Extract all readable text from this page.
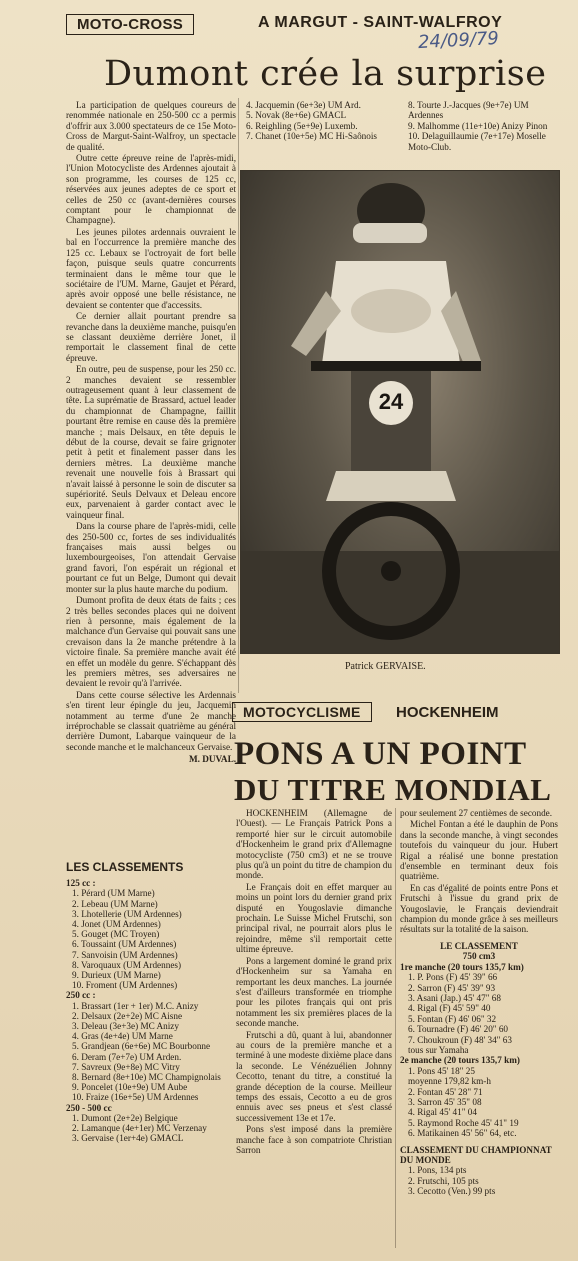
MOTO-CROSS	A MARGUT - SAINT-WALFROY
24/09/79
Dumont crée la surprise

La participation de quelques coureurs de renommée nationale en 250-500 cc a permis d'offrir aux 3.000 spectateurs de ce 15e Moto-Cross de Margut-Saint-Walfroy, un spectacle de qualité.

Outre cette épreuve reine de l'après-midi, l'Union Motocycliste des Ardennes ajoutait à son programme, les courses de 125 cc, réservées aux jeunes adeptes de ce sport et celles de 250 cc (avant-dernières courses comptant pour le championnat de Champagne).

Les jeunes pilotes ardennais ouvraient le bal en l'occurrence la première manche des 125 cc. Lebaux se l'octroyait de fort belle façon, puisque seuls quatre concurrents terminaient dans le même tour que le sociétaire de l'UM. Marne, Gaujet et Pérard, après avoir opposé une belle résistance, ne devaient se contenter que d'accessits.

Ce dernier allait pourtant prendre sa revanche dans la deuxième manche, puisqu'en se classant deuxième derrière Jonet, il remportait le classement final de cette épreuve.

En outre, peu de suspense, pour les 250 cc. 2 manches devaient se ressembler outrageusement quant à leur classement de tête. La suprématie de Brassard, actuel leader du championnat de Champagne, faillit pourtant être remise en cause dès la première manche ; mais Delsaux, en tête depuis le début de la course, devait se faire grignoter petit à petit et finalement passer dans les derniers mètres. La deuxième manche revenait une nouvelle fois à Brassart qui n'avait laissé à personne le soin de discuter sa supériorité. Seuls Delvaux et Deleau encore eux, parvenaient à garder contact avec le vainqueur final.

Dans la course phare de l'après-midi, celle des 250-500 cc, fortes de ses individualités françaises mais aussi belges ou luxembourgeoises, l'on attendait Gervaise grand favori, l'on espérait un régional et pourtant ce fut un Belge, Dumont qui devait monter sur la plus haute marche du podium.

Dumont profita de deux états de faits ; ces 2 très belles secondes places qui ne doivent rien à personne, mais également de la malchance d'un Gervaise qui pouvait sans une crevaison dans la 2e manche prétendre à la victoire finale. Sa première manche avait été en effet un modèle du genre. S'échappant dès les premiers mètres, ses adversaires ne devaient le revoir qu'à l'arrivée.

Dans cette course sélective les Ardennais s'en tirent leur épingle du jeu, Jacquemin notamment au terme d'une 2e manche irréprochable se classait quatrième au général derrière Dumont, Labarque vainqueur de la seconde manche et le malchanceux Gervaise.

M. DUVAL.
LES CLASSEMENTS
125 cc :
1. Pérard (UM Marne)
2. Lebeau (UM Marne)
3. Lhotellerie (UM Ardennes)
4. Jonet (UM Ardennes)
5. Gouget (MC Troyen)
6. Toussaint (UM Ardennes)
7. Sanvoisin (UM Ardennes)
8. Varoquaux (UM Ardennes)
9. Durieux (UM Marne)
10. Froment (UM Ardennes)
250 cc :
1. Brassart (1er + 1er) M.C. Anizy
2. Delsaux (2e+2e) MC Aisne
3. Deleau (3e+3e) MC Anizy
4. Gras (4e+4e) UM Marne
5. Grandjean (6e+6e) MC Bourbonne
6. Deram (7e+7e) UM Arden.
7. Savreux (9e+8e) MC Vitry
8. Bernard (8e+10e) MC Champignolais
9. Poncelet (10e+9e) UM Aube
10. Fraize (16e+5e) UM Ardennes
250 - 500 cc
1. Dumont (2e+2e) Belgique
2. Lamanque (4e+1er) MC Verzenay
3. Gervaise (1er+4e) GMACL
4. Jacquemin (6e+3e) UM Ard.
5. Novak (8e+6e) GMACL
6. Reighling (5e+9e) Luxemb.
7. Chanet (10e+5e) MC Hi-Saônois
8. Tourte J.-Jacques (9e+7e) UM Ardennes
9. Malhomme (11e+10e) Anizy Pinon
10. Delaguillaumie (7e+17e) Moselle Moto-Club.
24
Patrick GERVAISE.
MOTOCYCLISME	HOCKENHEIM
PONS A UN POINT
DU TITRE MONDIAL

HOCKENHEIM (Allemagne de l'Ouest). — Le Français Patrick Pons a remporté hier sur le circuit automobile d'Hockenheim le grand prix d'Allemagne motocycliste (750 cm3) et ne se trouve plus qu'à un point du titre de champion du monde.

Le Français doit en effet marquer au moins un point lors du dernier grand prix disputé en Yougoslavie dimanche prochain. Le Suisse Michel Frutschi, son principal rival, ne pourrait alors plus le rejoindre, même s'il remportait cette ultime épreuve.

Pons a largement dominé le grand prix d'Hockenheim sur sa Yamaha en remportant les deux manches. La journée s'est d'ailleurs transformée en triomphe pour les pilotes français qui ont pris notamment les six premières places de la seconde manche.

Frutschi a dû, quant à lui, abandonner au cours de la première manche et a terminé à une modeste dixième place dans la seconde. Le Vénézuélien Johnny Cecotto, tenant du titre, a constitué la grande déception de la course. Meilleur temps des essais, Cecotto a eu de gros ennuis avec ses pneus et s'est classé successivement 13e et 17e.

Pons s'est imposé dans la première manche face à son compatriote Christian Sarron

pour seulement 27 centièmes de seconde.

Michel Fontan a été le dauphin de Pons dans la seconde manche, à vingt secondes toutefois du vainqueur du jour. Hubert Rigal a réalisé une bonne prestation d'ensemble en terminant deux fois quatrième.

En cas d'égalité de points entre Pons et Frutschi à l'issue du grand prix de Yougoslavie, le Français deviendrait champion du monde grâce à ses meilleurs résultats sur la totalité de la saison.

LE CLASSEMENT
750 cm3
1re manche (20 tours 135,7 km)
1. P. Pons (F) 45' 39" 66
2. Sarron (F) 45' 39" 93
3. Asani (Jap.) 45' 47" 68
4. Rigal (F) 45' 59" 40
5. Fontan (F) 46' 06" 32
6. Tournadre (F) 46' 20" 60
7. Choukroun (F) 48' 34" 63
tous sur Yamaha
2e manche (20 tours 135,7 km)
1. Pons 45' 18" 25
moyenne 179,82 km-h
2. Fontan 45' 28" 71
3. Sarron 45' 35" 08
4. Rigal 45' 41" 04
5. Raymond Roche 45' 41" 19
6. Matikainen 45' 56" 64, etc.
CLASSEMENT DU CHAMPIONNAT DU MONDE
1. Pons, 134 pts
2. Frutschi, 105 pts
3. Cecotto (Ven.) 99 pts
